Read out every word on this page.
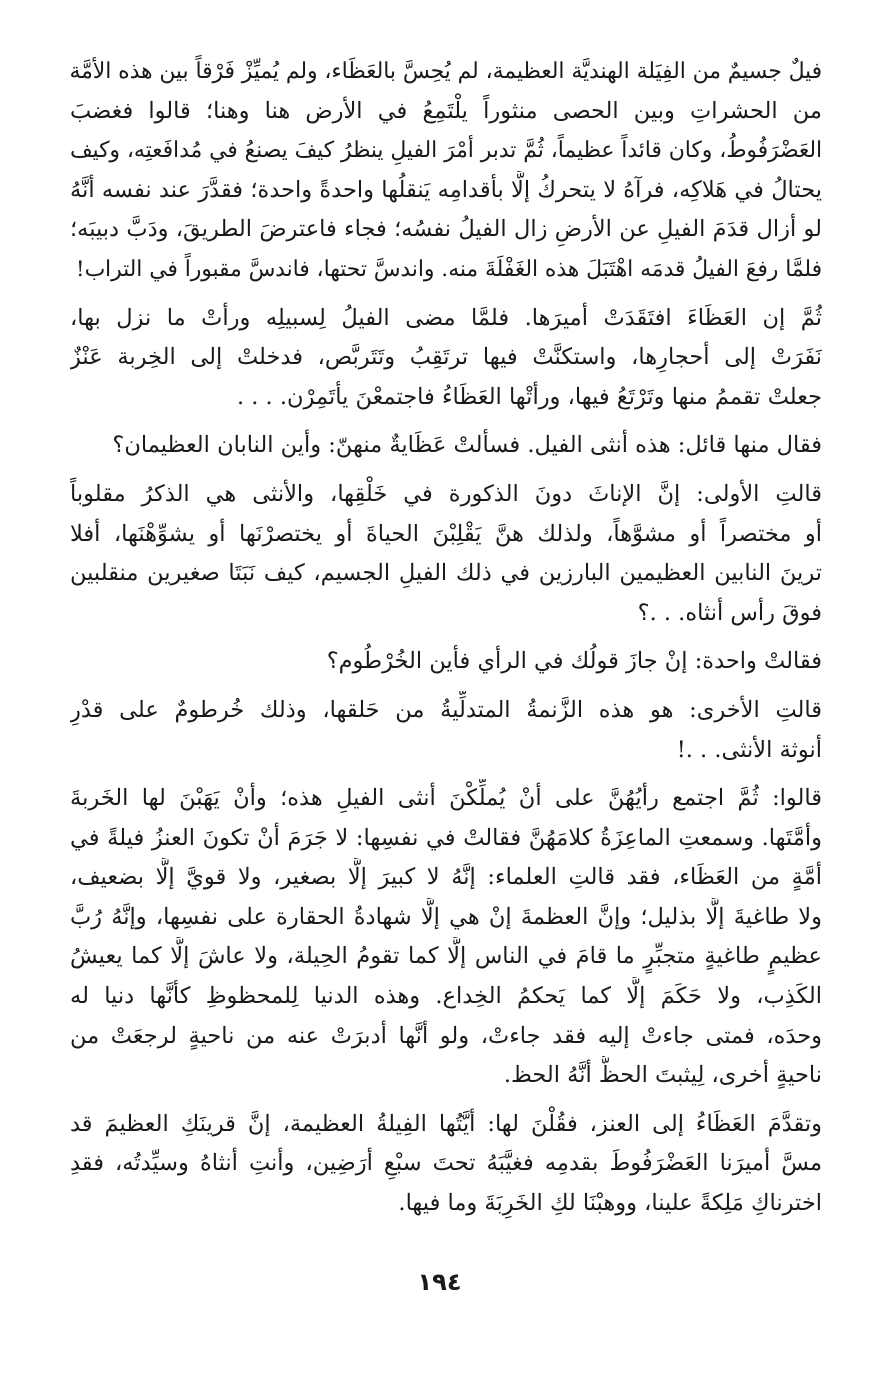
فيلٌ جسيمٌ من الفِيَلة الهنديَّة العظيمة، لم يُحِسَّ بالعَظَاء، ولم يُميِّزْ فَرْقاً بين هذه الأمَّة
من الحشراتِ وبين الحصى منثوراً يلْتَمِعُ في الأرض هنا وهنا؛ قالوا فغضبَ
العَضْرَفُوطُ، وكان قائداً عظيماً، ثُمَّ تدبر أمْرَ الفيلِ ينظرُ كيفَ يصنعُ في مُدافَعتِه، وكيف
يحتالُ في هَلاكِه، فرآهُ لا يتحركُ إلَّا بأقدامِه يَنقلُها واحدةً واحدة؛ فقدَّرَ عند نفسه أنَّهُ
لو أزال قدَمَ الفيلِ عن الأرضِ زال الفيلُ نفسُه؛ فجاء فاعترضَ الطريقَ، ودَبَّ دبيبَه؛
فلمَّا رفعَ الفيلُ قدمَه اهْتَبَلَ هذه الغَفْلَةَ منه. واندسَّ تحتها، فاندسَّ مقبوراً في التراب!

ثُمَّ إن العَظَاءَ افتَقَدَتْ أميرَها. فلمَّا مضى الفيلُ لِسبيلِه ورأتْ ما نزل بها،
نَفَرَتْ إلى أحجارِها، واستكنَّتْ فيها ترتَقِبُ وتَتَربَّص، فدخلتْ إلى الخِربة عَنْزٌ
جعلتْ تقممُ منها وتَرْتَعُ فيها، ورأتْها العَظَاءُ فاجتمعْنَ يأتَمِرْن. . . .

فقال منها قائل: هذه أنثى الفيل. فسألتْ عَظَايةٌ منهنّ: وأين النابان العظيمان؟

قالتِ الأولى: إنَّ الإناثَ دونَ الذكورة في خَلْقِها، والأنثى هي الذكرُ مقلوباً
أو مختصراً أو مشوَّهاً، ولذلك هنَّ يَقْلِبْنَ الحياةَ أو يختصرْنَها أو يشوِّهْنَها، أفلا
ترينَ النابين العظيمين البارزين في ذلك الفيلِ الجسيم، كيف نَبَتَا صغيرين منقلبين
فوقَ رأس أنثاه. . .؟

فقالتْ واحدة: إنْ جازَ قولُك في الرأي فأين الخُرْطُوم؟

قالتِ الأخرى: هو هذه الزَّنمةُ المتدلِّيةُ من حَلقها، وذلك خُرطومٌ على قدْرِ
أنوثة الأنثى. . .!

قالوا: ثُمَّ اجتمع رأيُهُنَّ على أنْ يُملِّكْنَ أنثى الفيلِ هذه؛ وأنْ يَهَبْنَ لها الخَربةَ
وأمَّتَها. وسمعتِ الماعِزَةُ كلامَهُنَّ فقالتْ في نفسِها: لا جَرَمَ أنْ تكونَ العنزُ فيلةً في
أمَّةٍ من العَظَاء، فقد قالتِ العلماء: إنَّهُ لا كبيرَ إلَّا بصغير، ولا قويَّ إلَّا بضعيف،
ولا طاغيةَ إلَّا بذليل؛ وإنَّ العظمةَ إنْ هي إلَّا شهادةُ الحقارة على نفسِها، وإنَّهُ رُبَّ
عظيمٍ طاغيةٍ متجبِّرٍ ما قامَ في الناس إلَّا كما تقومُ الحِيلة، ولا عاشَ إلَّا كما يعيشُ
الكَذِب، ولا حَكَمَ إلَّا كما يَحكمُ الخِداع. وهذه الدنيا لِلمحظوظِ كأنَّها دنيا له
وحدَه، فمتى جاءتْ إليه فقد جاءتْ، ولو أنَّها أدبرَتْ عنه من ناحيةٍ لرجعَتْ من
ناحيةٍ أخرى، لِيثبتَ الحظُّ أنَّهُ الحظ.

وتقدَّمَ العَظَاءُ إلى العنز، فقُلْنَ لها: أيَّتُها الفِيلةُ العظيمة، إنَّ قرينَكِ العظيمَ قد
مسَّ أميرَنا العَضْرَفُوطَ بقدمِه فغيَّبَهُ تحتَ سبْعِ أرَضِين، وأنتِ أنثاهُ وسيِّدتُه، فقدِ
اخترناكِ مَلِكةً علينا، ووهبْنَا لكِ الخَرِبَةَ وما فيها.

١٩٤
